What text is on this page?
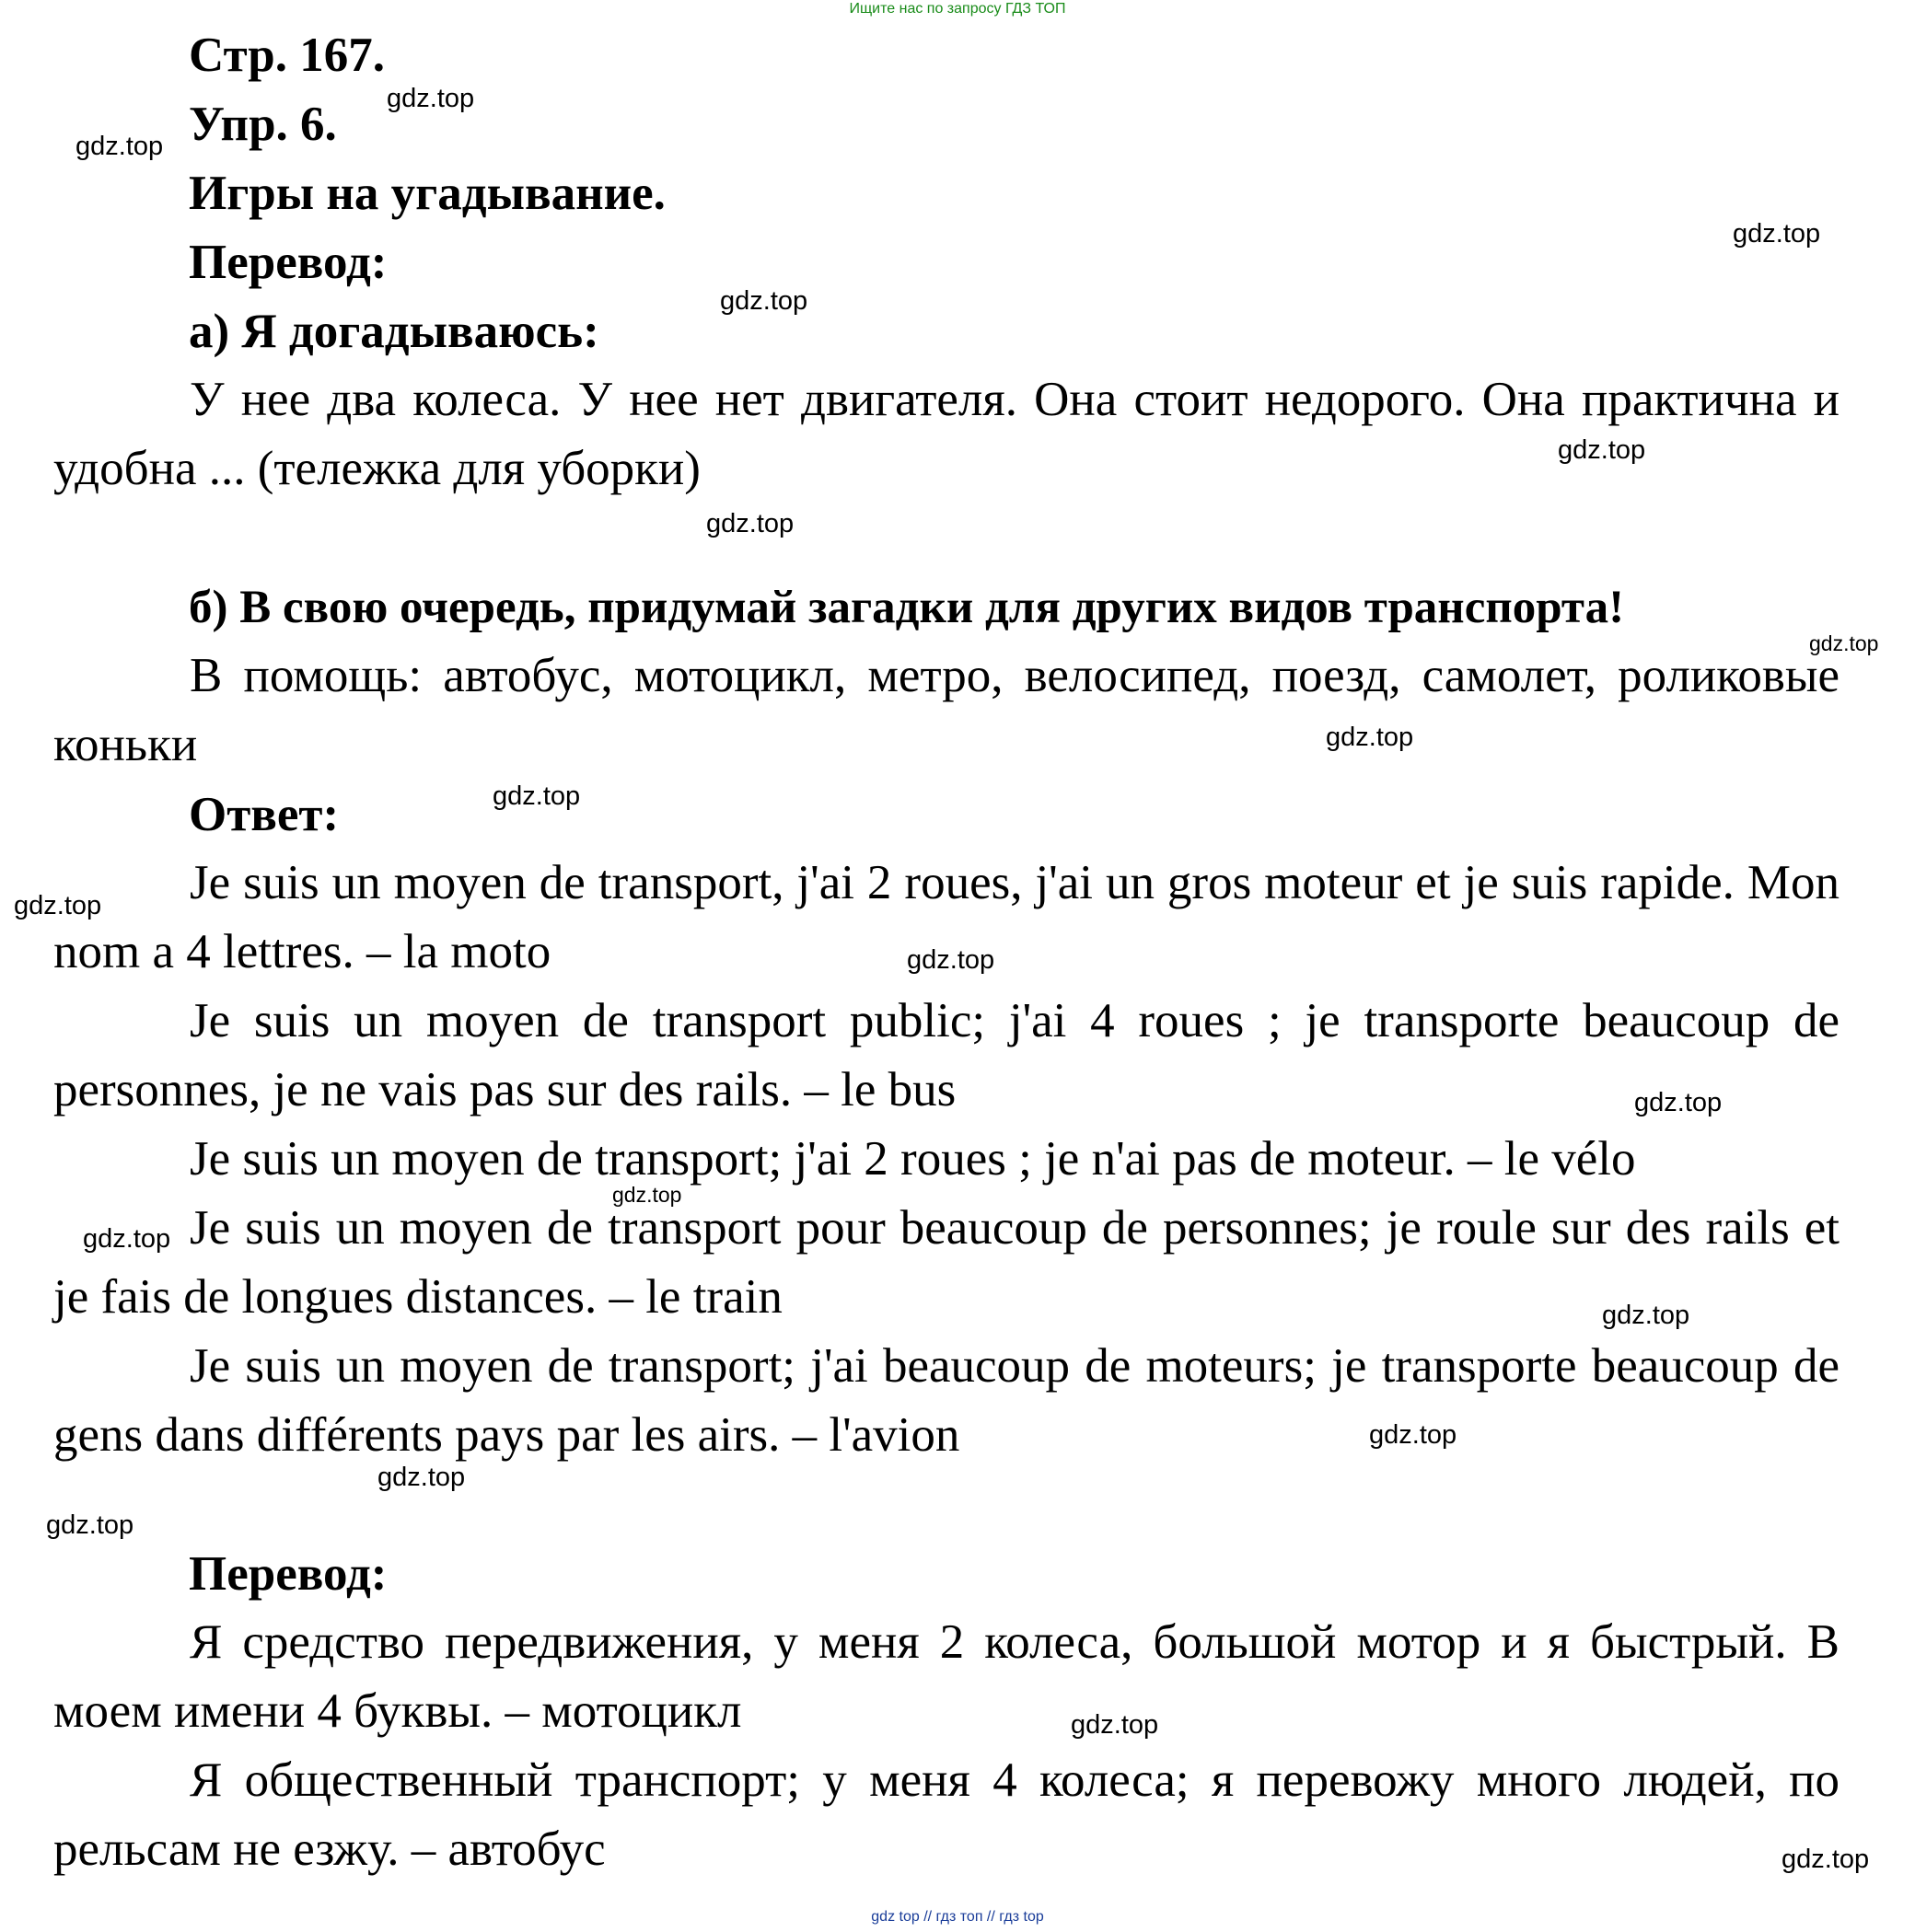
Ищите нас по запросу ГДЗ ТОП
Стр. 167.
Упр. 6.
Игры на угадывание.
Перевод:
а) Я догадываюсь:
У нее два колеса. У нее нет двигателя. Она стоит недорого. Она практична и удобна ... (тележка для уборки)
б) В свою очередь, придумай загадки для других видов транспорта!
В помощь: автобус, мотоцикл, метро, велосипед, поезд, самолет, роликовые коньки
Ответ:
Je suis un moyen de transport, j'ai 2 roues, j'ai un gros moteur et je suis rapide. Mon nom a 4 lettres. – la moto
Je suis un moyen de transport public; j'ai 4 roues ; je transporte beaucoup de personnes, je ne vais pas sur des rails. – le bus
Je suis un moyen de transport; j'ai 2 roues ; je n'ai pas de moteur. – le vélo
Je suis un moyen de transport pour beaucoup de personnes; je roule sur des rails et je fais de longues distances. – le train
Je suis un moyen de transport; j'ai beaucoup de moteurs; je transporte beaucoup de gens dans différents pays par les airs. – l'avion
Перевод:
Я средство передвижения, у меня 2 колеса, большой мотор и я быстрый. В моем имени 4 буквы. – мотоцикл
Я общественный транспорт; у меня 4 колеса; я перевожу много людей, по рельсам не езжу. – автобус
gdz.top
gdz.top
gdz.top
gdz.top
gdz.top
gdz.top
gdz.top
gdz.top
gdz.top
gdz.top
gdz.top
gdz.top
gdz.top
gdz.top
gdz.top
gdz.top
gdz.top
gdz.top
gdz.top
gdz.top
gdz top // гдз топ // гдз top
